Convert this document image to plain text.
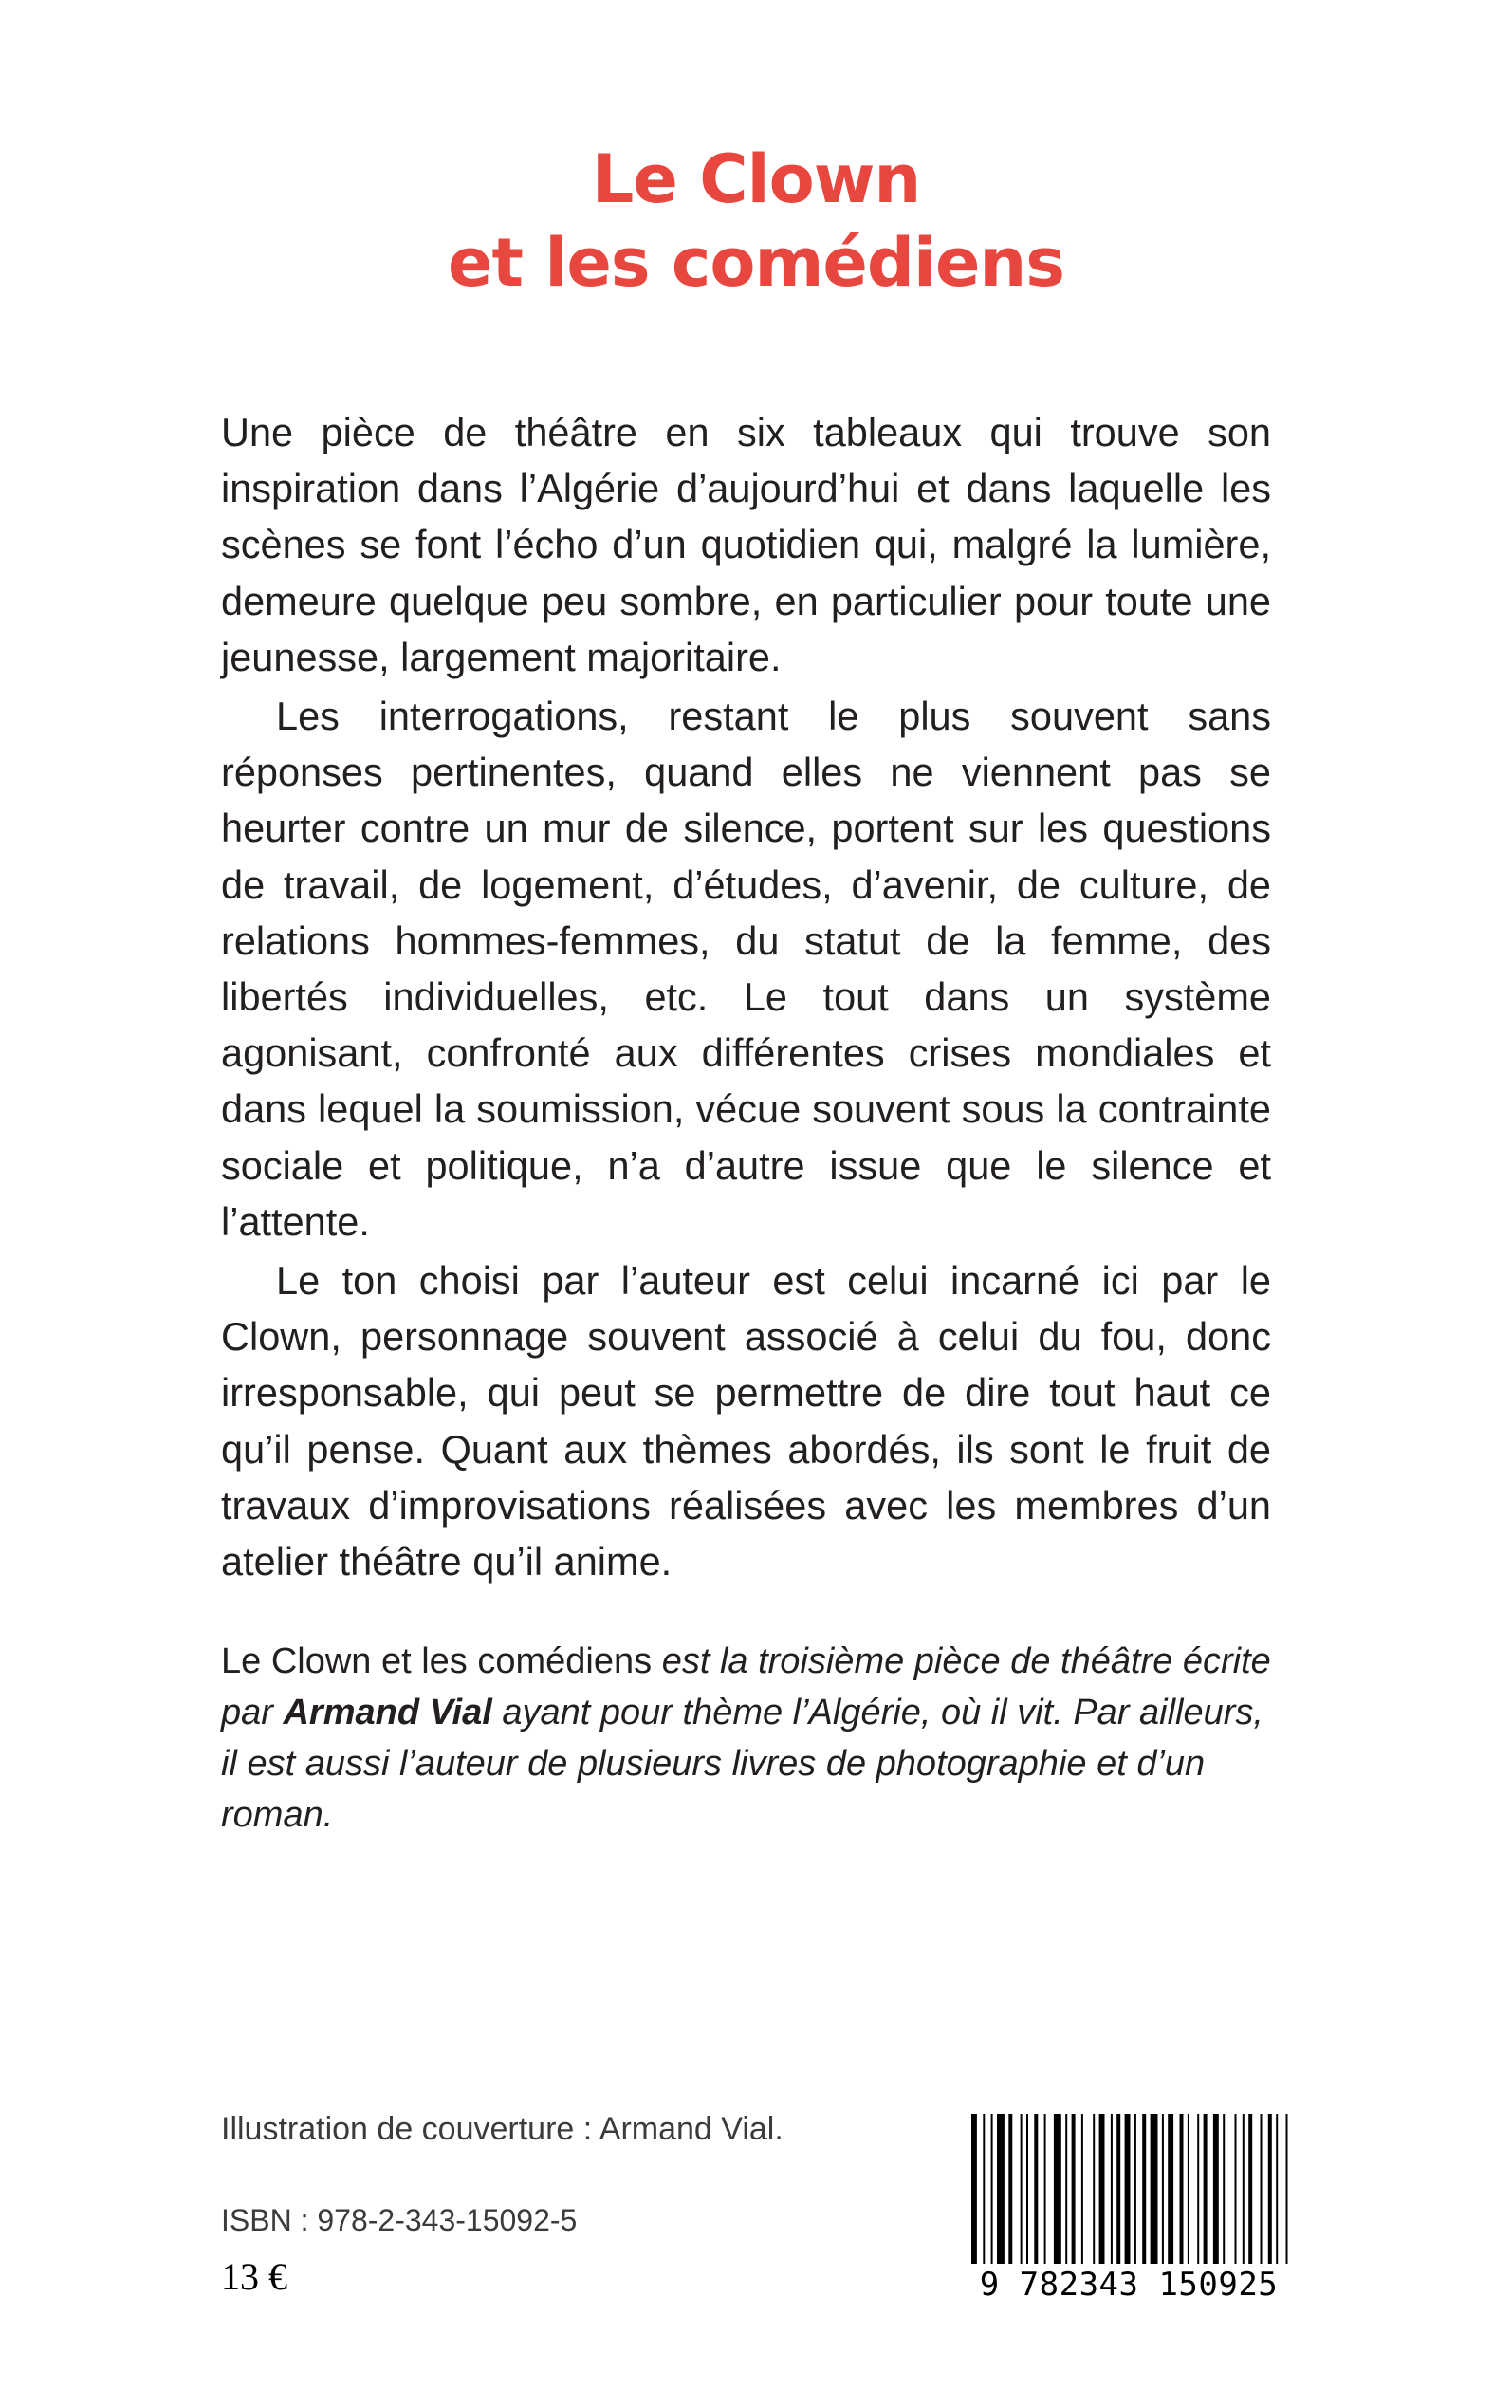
Le Clown
et les comédiens

Une pièce de théâtre en six tableaux qui trouve son inspiration dans l’Algérie d’aujourd’hui et dans laquelle les scènes se font l’écho d’un quotidien qui, malgré la lumière, demeure quelque peu sombre, en particulier pour toute une jeunesse, largement majoritaire.

Les interrogations, restant le plus souvent sans réponses pertinentes, quand elles ne viennent pas se heurter contre un mur de silence, portent sur les questions de travail, de logement, d’études, d’avenir, de culture, de relations hommes-femmes, du statut de la femme, des libertés individuelles, etc. Le tout dans un système agonisant, confronté aux différentes crises mondiales et dans lequel la soumission, vécue souvent sous la contrainte sociale et politique, n’a d’autre issue que le silence et l’attente.

Le ton choisi par l’auteur est celui incarné ici par le Clown, personnage souvent associé à celui du fou, donc irresponsable, qui peut se permettre de dire tout haut ce qu’il pense. Quant aux thèmes abordés, ils sont le fruit de travaux d’improvisations réalisées avec les membres d’un atelier théâtre qu’il anime.

Le Clown et les comédiens est la troisième pièce de théâtre écrite par Armand Vial ayant pour thème l’Algérie, où il vit. Par ailleurs, il est aussi l’auteur de plusieurs livres de photographie et d’un roman.
Illustration de couverture : Armand Vial.
ISBN : 978-2-343-15092-5
13 €	9 782343 150925
